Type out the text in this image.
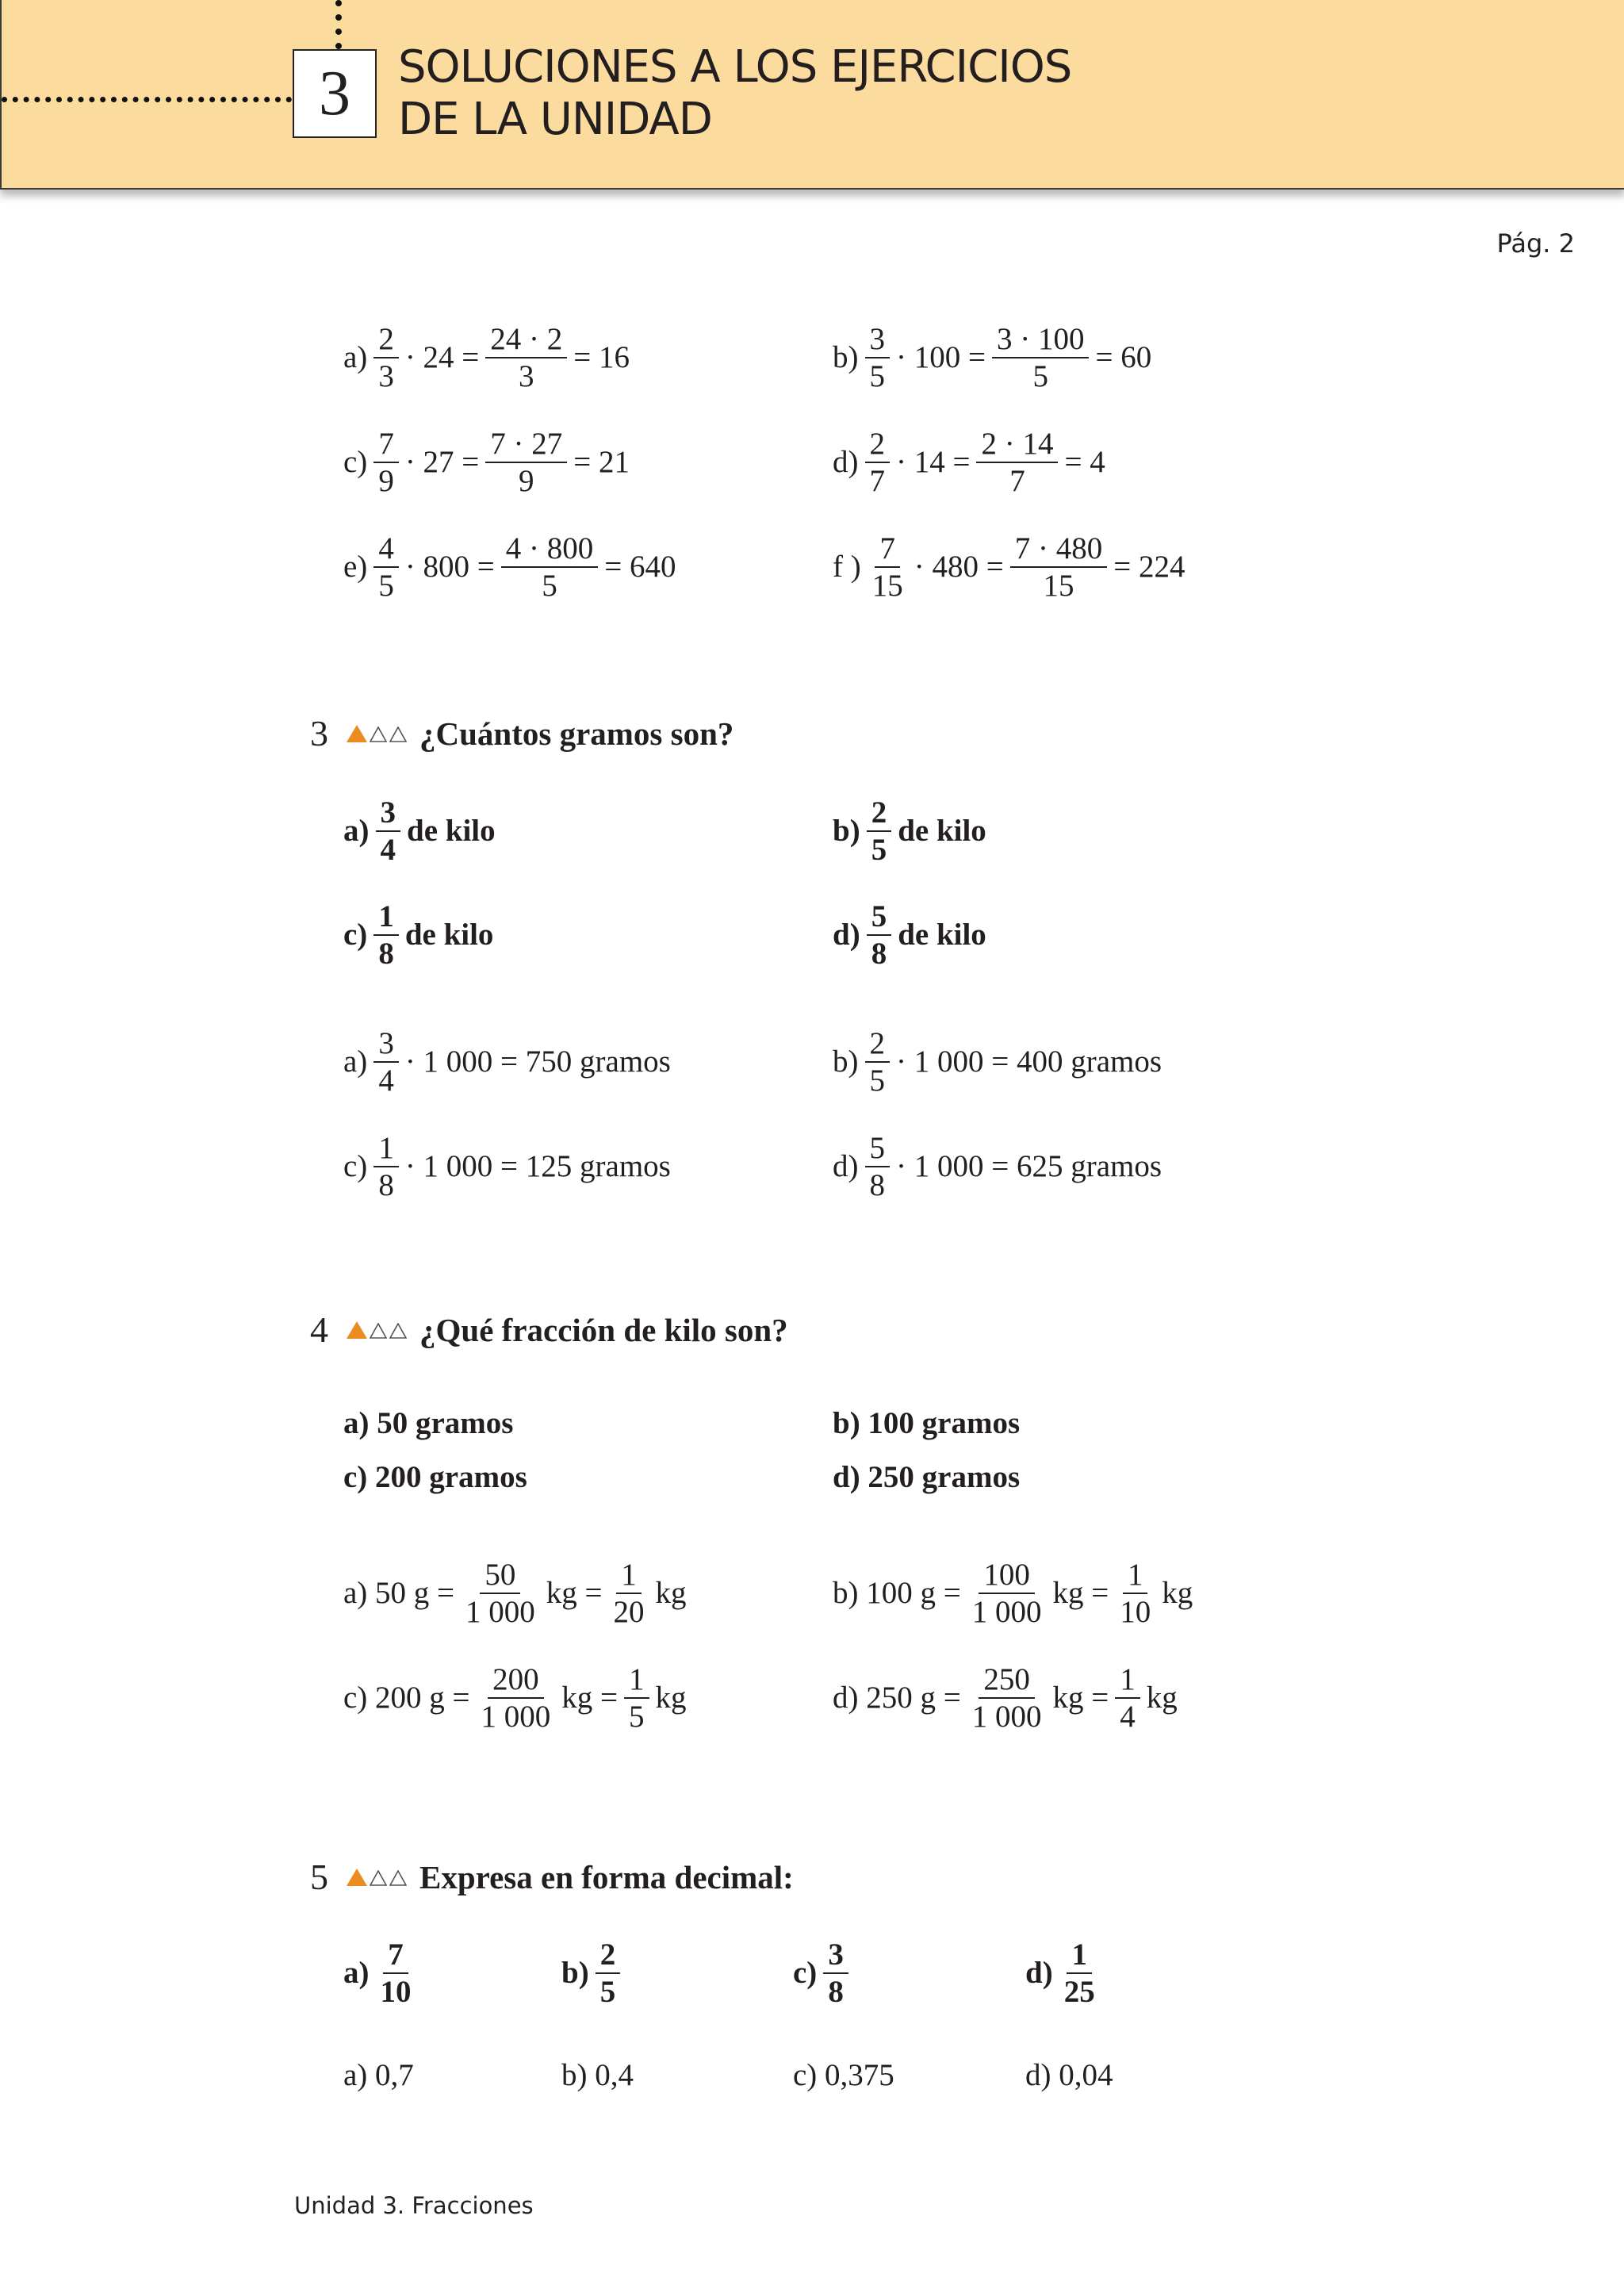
3	SOLUCIONES A LOS EJERCICIOS
DE LA UNIDAD
Pág. 2
$a) \frac{2}{3} \cdot 24 = \frac{24 \cdot 2}{3} = 16$	$b) \frac{3}{5} \cdot 100 = \frac{3 \cdot 100}{5} = 60$
$c) \frac{7}{9} \cdot 27 = \frac{7 \cdot 27}{9} = 21$	$d) \frac{2}{7} \cdot 14 = \frac{2 \cdot 14}{7} = 4$
$e) \frac{4}{5} \cdot 800 = \frac{4 \cdot 800}{5} = 640$	f ) $\frac{7}{15} \cdot 480 = \frac{7 \cdot 480}{15} = 224$
3	¿Cuántos gramos son?
$a) \frac{3}{4}$ de kilo	$b) \frac{2}{5}$ de kilo
$c) \frac{1}{8}$ de kilo	$d) \frac{5}{8}$ de kilo
$a) \frac{3}{4} \cdot 1$ 000 = 750 gramos	$b) \frac{2}{5} \cdot 1$ 000 = 400 gramos
$c) \frac{1}{8} \cdot 1$ 000 = 125 gramos	$d) \frac{5}{8} \cdot 1$ 000 = 625 gramos
4	¿Qué fracción de kilo son?
a) 50 gramos	b) 100 gramos
c) 200 gramos	d) 250 gramos
a) 50 $g = \frac{50}{1 000}$ kg = $\frac{1}{20}$ kg	b) 100 $g = \frac{100}{1 000}$ kg = $\frac{1}{10}$ kg
c) 200 $g = \frac{200}{1 000}$ kg = $\frac{1}{5}$ kg	d) 250 $g = \frac{250}{1 000}$ kg = $\frac{1}{4}$ kg
5	Expresa en forma decimal:
$a) \frac{7}{10}$	$b) \frac{2}{5}$	$c) \frac{3}{8}$	$d) \frac{1}{25}$
a) 0,7	b) 0,4	c) 0,375	d) 0,04
Unidad 3. Fracciones
